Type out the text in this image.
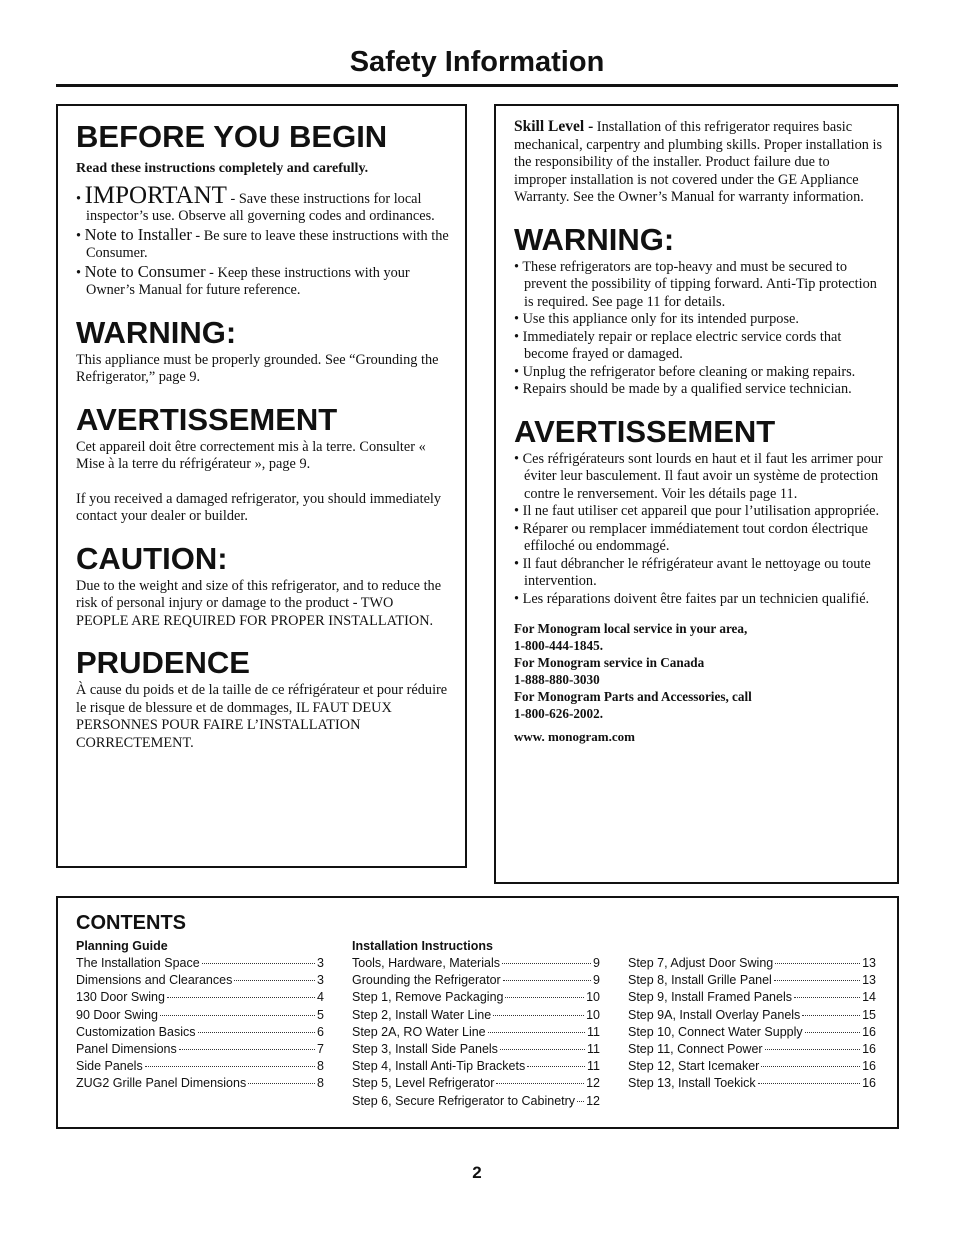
Safety Information
BEFORE YOU BEGIN

Read these instructions completely and carefully.

• IMPORTANT - Save these instructions for local inspector’s use. Observe all governing codes and ordinances.
• Note to Installer - Be sure to leave these instructions with the Consumer.
• Note to Consumer - Keep these instructions with your Owner’s Manual for future reference.
WARNING:

This appliance must be properly grounded. See “Grounding the Refrigerator,” page 9.

AVERTISSEMENT

Cet appareil doit être correctement mis à la terre. Consulter « Mise à la terre du réfrigérateur », page 9.

If you received a damaged refrigerator, you should immediately contact your dealer or builder.

CAUTION:

Due to the weight and size of this refrigerator, and to reduce the risk of personal injury or damage to the product - TWO PEOPLE ARE REQUIRED FOR PROPER INSTALLATION.

PRUDENCE

À cause du poids et de la taille de ce réfrigérateur et pour réduire le risque de blessure et de dommages, IL FAUT DEUX PERSONNES POUR FAIRE L’INSTALLATION CORRECTEMENT.

Skill Level - Installation of this refrigerator requires basic mechanical, carpentry and plumbing skills. Proper installation is the responsibility of the installer. Product failure due to improper installation is not covered under the GE Appliance Warranty. See the Owner’s Manual for warranty information.

WARNING:
• These refrigerators are top-heavy and must be secured to prevent the possibility of tipping forward. Anti-Tip protection is required. See page 11 for details.
• Use this appliance only for its intended purpose.
• Immediately repair or replace electric service cords that become frayed or damaged.
• Unplug the refrigerator before cleaning or making repairs.
• Repairs should be made by a qualified service technician.
AVERTISSEMENT
• Ces réfrigérateurs sont lourds en haut et il faut les arrimer pour éviter leur basculement. Il faut avoir un système de protection contre le renversement. Voir les détails page 11.
• Il ne faut utiliser cet appareil que pour l’utilisation appropriée.
• Réparer ou remplacer immédiatement tout cordon électrique effiloché ou endommagé.
• Il faut débrancher le réfrigérateur avant le nettoyage ou toute intervention.
• Les réparations doivent être faites par un technicien qualifié.

For Monogram local service in your area,

1-800-444-1845.

For Monogram service in Canada

1-888-880-3030

For Monogram Parts and Accessories, call

1-800-626-2002.

www. monogram.com

CONTENTS
Planning Guide
The Installation Space	3
Dimensions and Clearances	3
130 Door Swing	4
90 Door Swing	5
Customization Basics	6
Panel Dimensions	7
Side Panels	8
ZUG2 Grille Panel Dimensions	8
Installation Instructions
Tools, Hardware, Materials	9
Grounding the Refrigerator	9
Step 1, Remove Packaging	10
Step 2, Install Water Line	10
Step 2A, RO Water Line	11
Step 3, Install Side Panels	11
Step 4, Install Anti-Tip Brackets	11
Step 5, Level Refrigerator	12
Step 6, Secure Refrigerator to Cabinetry 12
Step 7, Adjust Door Swing	13
Step 8, Install Grille Panel	13
Step 9, Install Framed Panels	14
Step 9A, Install Overlay Panels	15
Step 10, Connect Water Supply	16
Step 11, Connect Power	16
Step 12, Start Icemaker	16
Step 13, Install Toekick	16
2
